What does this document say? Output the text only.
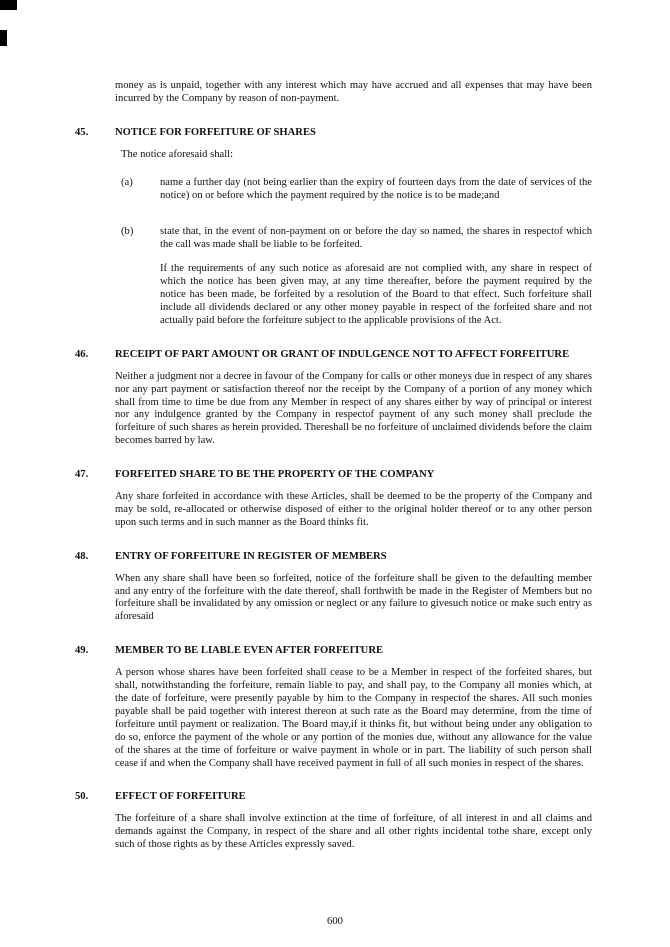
money as is unpaid, together with any interest which may have accrued and all expenses that may have been incurred by the Company by reason of non-payment.

45.	NOTICE FOR FORFEITURE OF SHARES

The notice aforesaid shall:

(a)	name a further day (not being earlier than the expiry of fourteen days from the date of services of the notice) on or before which the payment required by the notice is to be made;and
(b)	state that, in the event of non-payment on or before the day so named, the shares in respectof which the call was made shall be liable to be forfeited.

If the requirements of any such notice as aforesaid are not complied with, any share in respect of which the notice has been given may, at any time thereafter, before the payment required by the notice has been made, be forfeited by a resolution of the Board to that effect. Such forfeiture shall include all dividends declared or any other money payable in respect of the forfeited share and not actually paid before the forfeiture subject to the applicable provisions of the Act.

46.	RECEIPT OF PART AMOUNT OR GRANT OF INDULGENCE NOT TO AFFECT FORFEITURE

Neither a judgment nor a decree in favour of the Company for calls or other moneys due in respect of any shares nor any part payment or satisfaction thereof nor the receipt by the Company of a portion of any money which shall from time to time be due from any Member in respect of any shares either by way of principal or interest nor any indulgence granted by the Company in respectof payment of any such money shall preclude the forfeiture of such shares as herein provided. Thereshall be no forfeiture of unclaimed dividends before the claim becomes barred by law.

47.	FORFEITED SHARE TO BE THE PROPERTY OF THE COMPANY

Any share forfeited in accordance with these Articles, shall be deemed to be the property of the Company and may be sold, re-allocated or otherwise disposed of either to the original holder thereof or to any other person upon such terms and in such manner as the Board thinks fit.

48.	ENTRY OF FORFEITURE IN REGISTER OF MEMBERS

When any share shall have been so forfeited, notice of the forfeiture shall be given to the defaulting member and any entry of the forfeiture with the date thereof, shall forthwith be made in the Register of Members but no forfeiture shall be invalidated by any omission or neglect or any failure to givesuch notice or make such entry as aforesaid

49.	MEMBER TO BE LIABLE EVEN AFTER FORFEITURE

A person whose shares have been forfeited shall cease to be a Member in respect of the forfeited shares, but shall, notwithstanding the forfeiture, remain liable to pay, and shall pay, to the Company all monies which, at the date of forfeiture, were presently payable by him to the Company in respectof the shares. All such monies payable shall be paid together with interest thereon at such rate as the Board may determine, from the time of forfeiture until payment or realization. The Board may,if it thinks fit, but without being under any obligation to do so, enforce the payment of the whole or any portion of the monies due, without any allowance for the value of the shares at the time of forfeiture or waive payment in whole or in part. The liability of such person shall cease if and when the Company shall have received payment in full of all such monies in respect of the shares.

50.	EFFECT OF FORFEITURE

The forfeiture of a share shall involve extinction at the time of forfeiture, of all interest in and all claims and demands against the Company, in respect of the share and all other rights incidental tothe share, except only such of those rights as by these Articles expressly saved.

600
